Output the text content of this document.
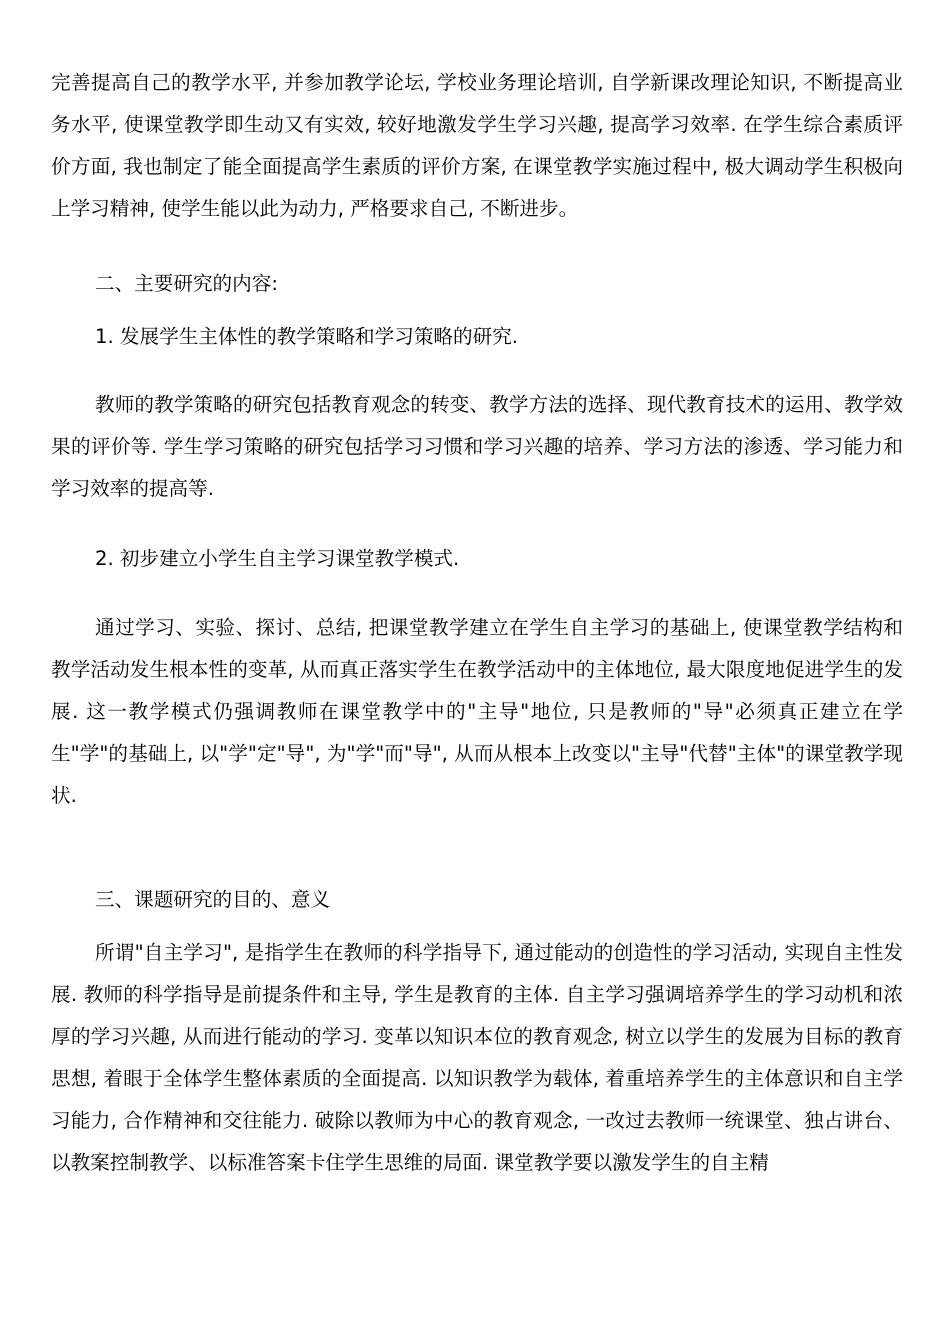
完善提高自己的教学水平, 并参加教学论坛, 学校业务理论培训, 自学新课改理论知识, 不断提高业务水平, 使课堂教学即生动又有实效, 较好地激发学生学习兴趣, 提高学习效率. 在学生综合素质评价方面, 我也制定了能全面提高学生素质的评价方案, 在课堂教学实施过程中, 极大调动学生积极向上学习精神, 使学生能以此为动力, 严格要求自己, 不断进步。

二、主要研究的内容:

1. 发展学生主体性的教学策略和学习策略的研究.

教师的教学策略的研究包括教育观念的转变、教学方法的选择、现代教育技术的运用、教学效果的评价等. 学生学习策略的研究包括学习习惯和学习兴趣的培养、学习方法的渗透、学习能力和学习效率的提高等.

2. 初步建立小学生自主学习课堂教学模式.

通过学习、实验、探讨、总结, 把课堂教学建立在学生自主学习的基础上, 使课堂教学结构和教学活动发生根本性的变革, 从而真正落实学生在教学活动中的主体地位, 最大限度地促进学生的发展. 这一教学模式仍强调教师在课堂教学中的"主导"地位, 只是教师的"导"必须真正建立在学生"学"的基础上, 以"学"定"导", 为"学"而"导", 从而从根本上改变以"主导"代替"主体"的课堂教学现状.

三、课题研究的目的、意义

所谓"自主学习", 是指学生在教师的科学指导下, 通过能动的创造性的学习活动, 实现自主性发展. 教师的科学指导是前提条件和主导, 学生是教育的主体. 自主学习强调培养学生的学习动机和浓厚的学习兴趣, 从而进行能动的学习. 变革以知识本位的教育观念, 树立以学生的发展为目标的教育思想, 着眼于全体学生整体素质的全面提高. 以知识教学为载体, 着重培养学生的主体意识和自主学习能力, 合作精神和交往能力. 破除以教师为中心的教育观念, 一改过去教师一统课堂、独占讲台、以教案控制教学、以标准答案卡住学生思维的局面. 课堂教学要以激发学生的自主精
